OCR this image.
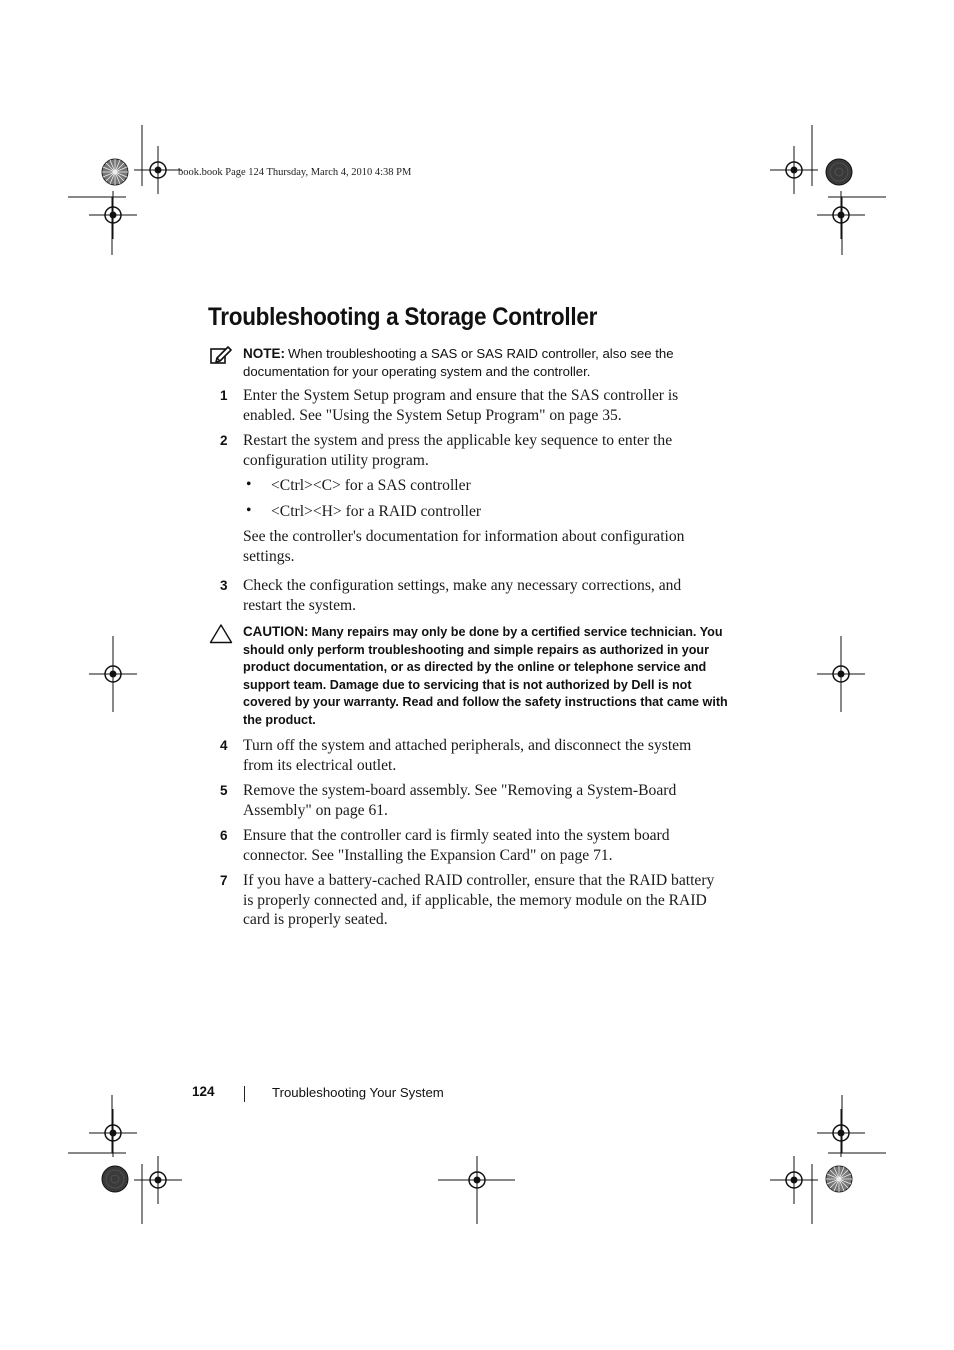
book.book Page 124 Thursday, March 4, 2010 4:38 PM
Troubleshooting a Storage Controller
NOTE: When troubleshooting a SAS or SAS RAID controller, also see the documentation for your operating system and the controller.
1 Enter the System Setup program and ensure that the SAS controller is enabled. See "Using the System Setup Program" on page 35.
2 Restart the system and press the applicable key sequence to enter the configuration utility program.
• <Ctrl><C> for a SAS controller
• <Ctrl><H> for a RAID controller
See the controller's documentation for information about configuration settings.
3 Check the configuration settings, make any necessary corrections, and restart the system.
CAUTION: Many repairs may only be done by a certified service technician. You should only perform troubleshooting and simple repairs as authorized in your product documentation, or as directed by the online or telephone service and support team. Damage due to servicing that is not authorized by Dell is not covered by your warranty. Read and follow the safety instructions that came with the product.
4 Turn off the system and attached peripherals, and disconnect the system from its electrical outlet.
5 Remove the system-board assembly. See "Removing a System-Board Assembly" on page 61.
6 Ensure that the controller card is firmly seated into the system board connector. See "Installing the Expansion Card" on page 71.
7 If you have a battery-cached RAID controller, ensure that the RAID battery is properly connected and, if applicable, the memory module on the RAID card is properly seated.
124	Troubleshooting Your System
